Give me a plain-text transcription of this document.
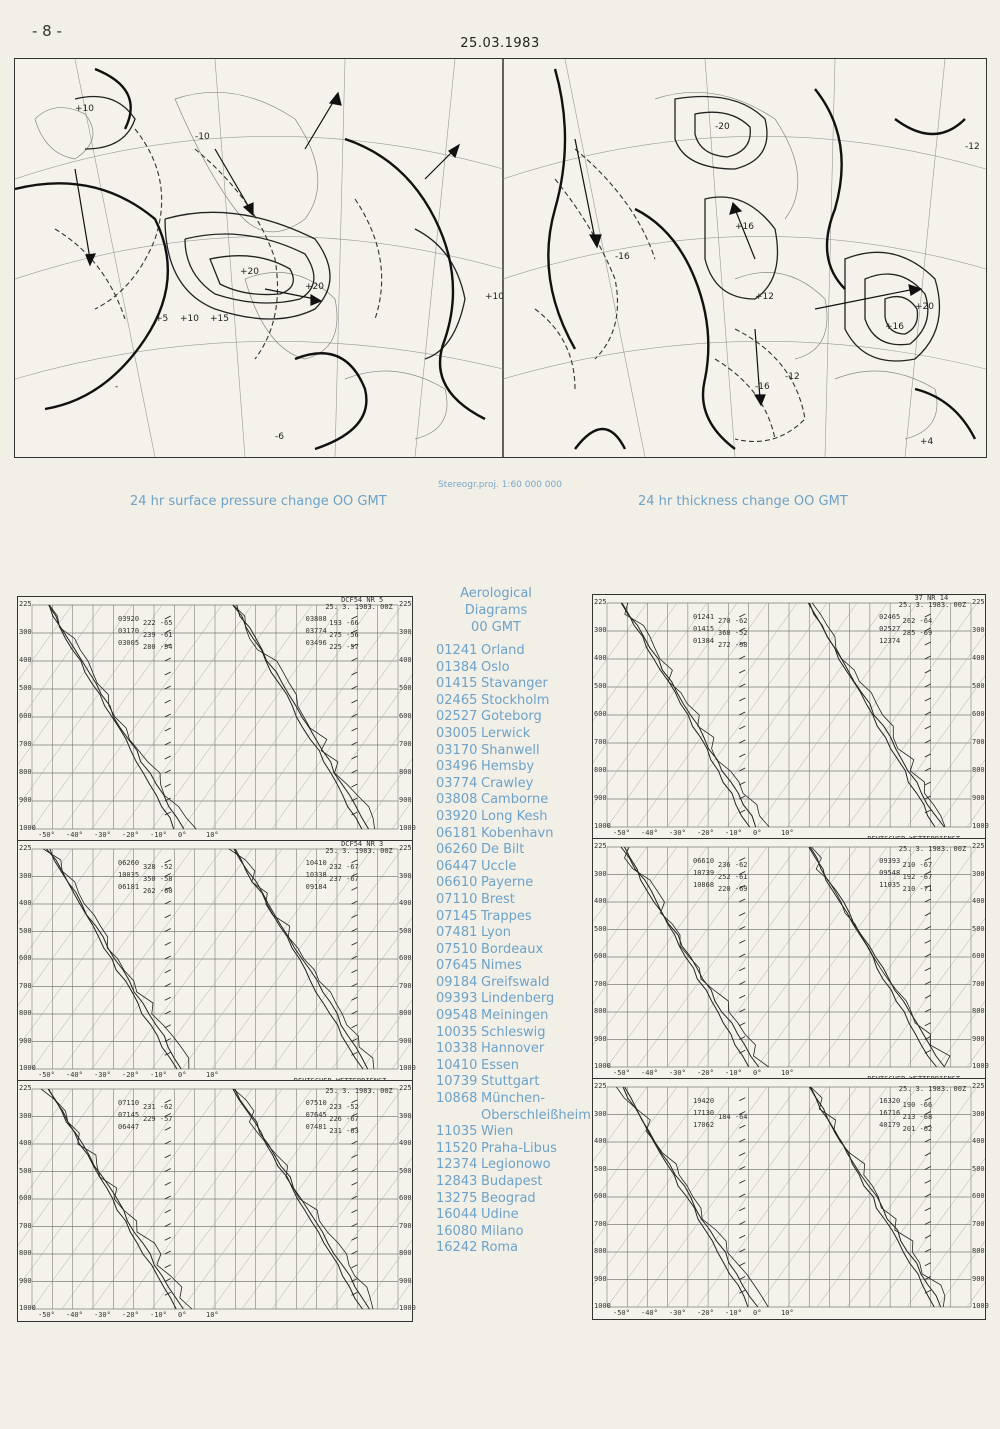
- 8 -
25.03.1983
+10
+20
+5 +10 +15
+20
+10
-10
-6
-
-20
+16
+12
+20
+16
-16
-12
-16
-12
+4
Stereogr.proj. 1:60 000 000
24 hr surface pressure change OO GMT	24 hr thickness change OO GMT
Aerological
Diagrams
00 GMT
01241 Orland
01384 Oslo
01415 Stavanger
02465 Stockholm
02527 Goteborg
03005 Lerwick
03170 Shanwell
03496 Hemsby
03774 Crawley
03808 Camborne
03920 Long Kesh
06181 Kobenhavn
06260 De Bilt
06447 Uccle
06610 Payerne
07110 Brest
07145 Trappes
07481 Lyon
07510 Bordeaux
07645 Nimes
09184 Greifswald
09393 Lindenberg
09548 Meiningen
10035 Schleswig
10338 Hannover
10410 Essen
10739 Stuttgart
10868 München-
Oberschleißheim
11035 Wien
11520 Praha-Libus
12374 Legionowo
12843 Budapest
13275 Beograd
16044 Udine
16080 Milano
16242 Roma
225	225
300	300
400	400
500	500
600	600
700	700
800	800
900	900
1000	1000
-50° -40° -30° -20° -10° 0°	10°
03920
03170
03005
222 -65
239 -61
280 -54
03808
03774
03496
193 -66
275 -56
225 -57
DCF54 NR 5
25. 3. 1983. 00Z
225	225
300	300
400	400
500	500
600	600
700	700
800	800
900	900
1000	1000
-50° -40° -30° -20° -10° 0°	10°
06260
10035
06181
328 -52
350 -58
262 -60
10410
10338
09184
232 -67
237 -67
DCF54 NR 3
25. 3. 1983. 00Z
225	225
300	300
400	400
500	500
600	600
700	700
800	800
900	900
1000	1000
-50° -40° -30° -20° -10° 0°	10°
07110
07145
06447
231 -62
229 -57
07510
07645
07481
223 -52
226 -67
231 -63
25. 3. 1983. 00Z
225	225
300	300
400	400
500	500
600	600
700	700
800	800
900	900
1000	1000
-50° -40° -30° -20° -10° 0°	10°
01241
01415
01384
270 -62
368 -52
272 -58
02465
02527
12374
262 -64
285 -69
37 NR 14
25. 3. 1983. 00Z
225	225
300	300
400	400
500	500
600	600
700	700
800	800
900	900
1000	1000
-50° -40° -30° -20° -10° 0°	10°
06610
10739
10868
236 -62
252 -61
220 -69
09393
09548
11035
210 -67
192 -67
210 -71
25. 3. 1983. 00Z
225	225
300	300
400	400
500	500
600	600
700	700
800	800
900	900
1000	1000
-50° -40° -30° -20° -10° 0°	10°
19420
17130
17062
184 -64
16320
16716
40179
190 -66
213 -68
201 -62
25. 3. 1983. 00Z
